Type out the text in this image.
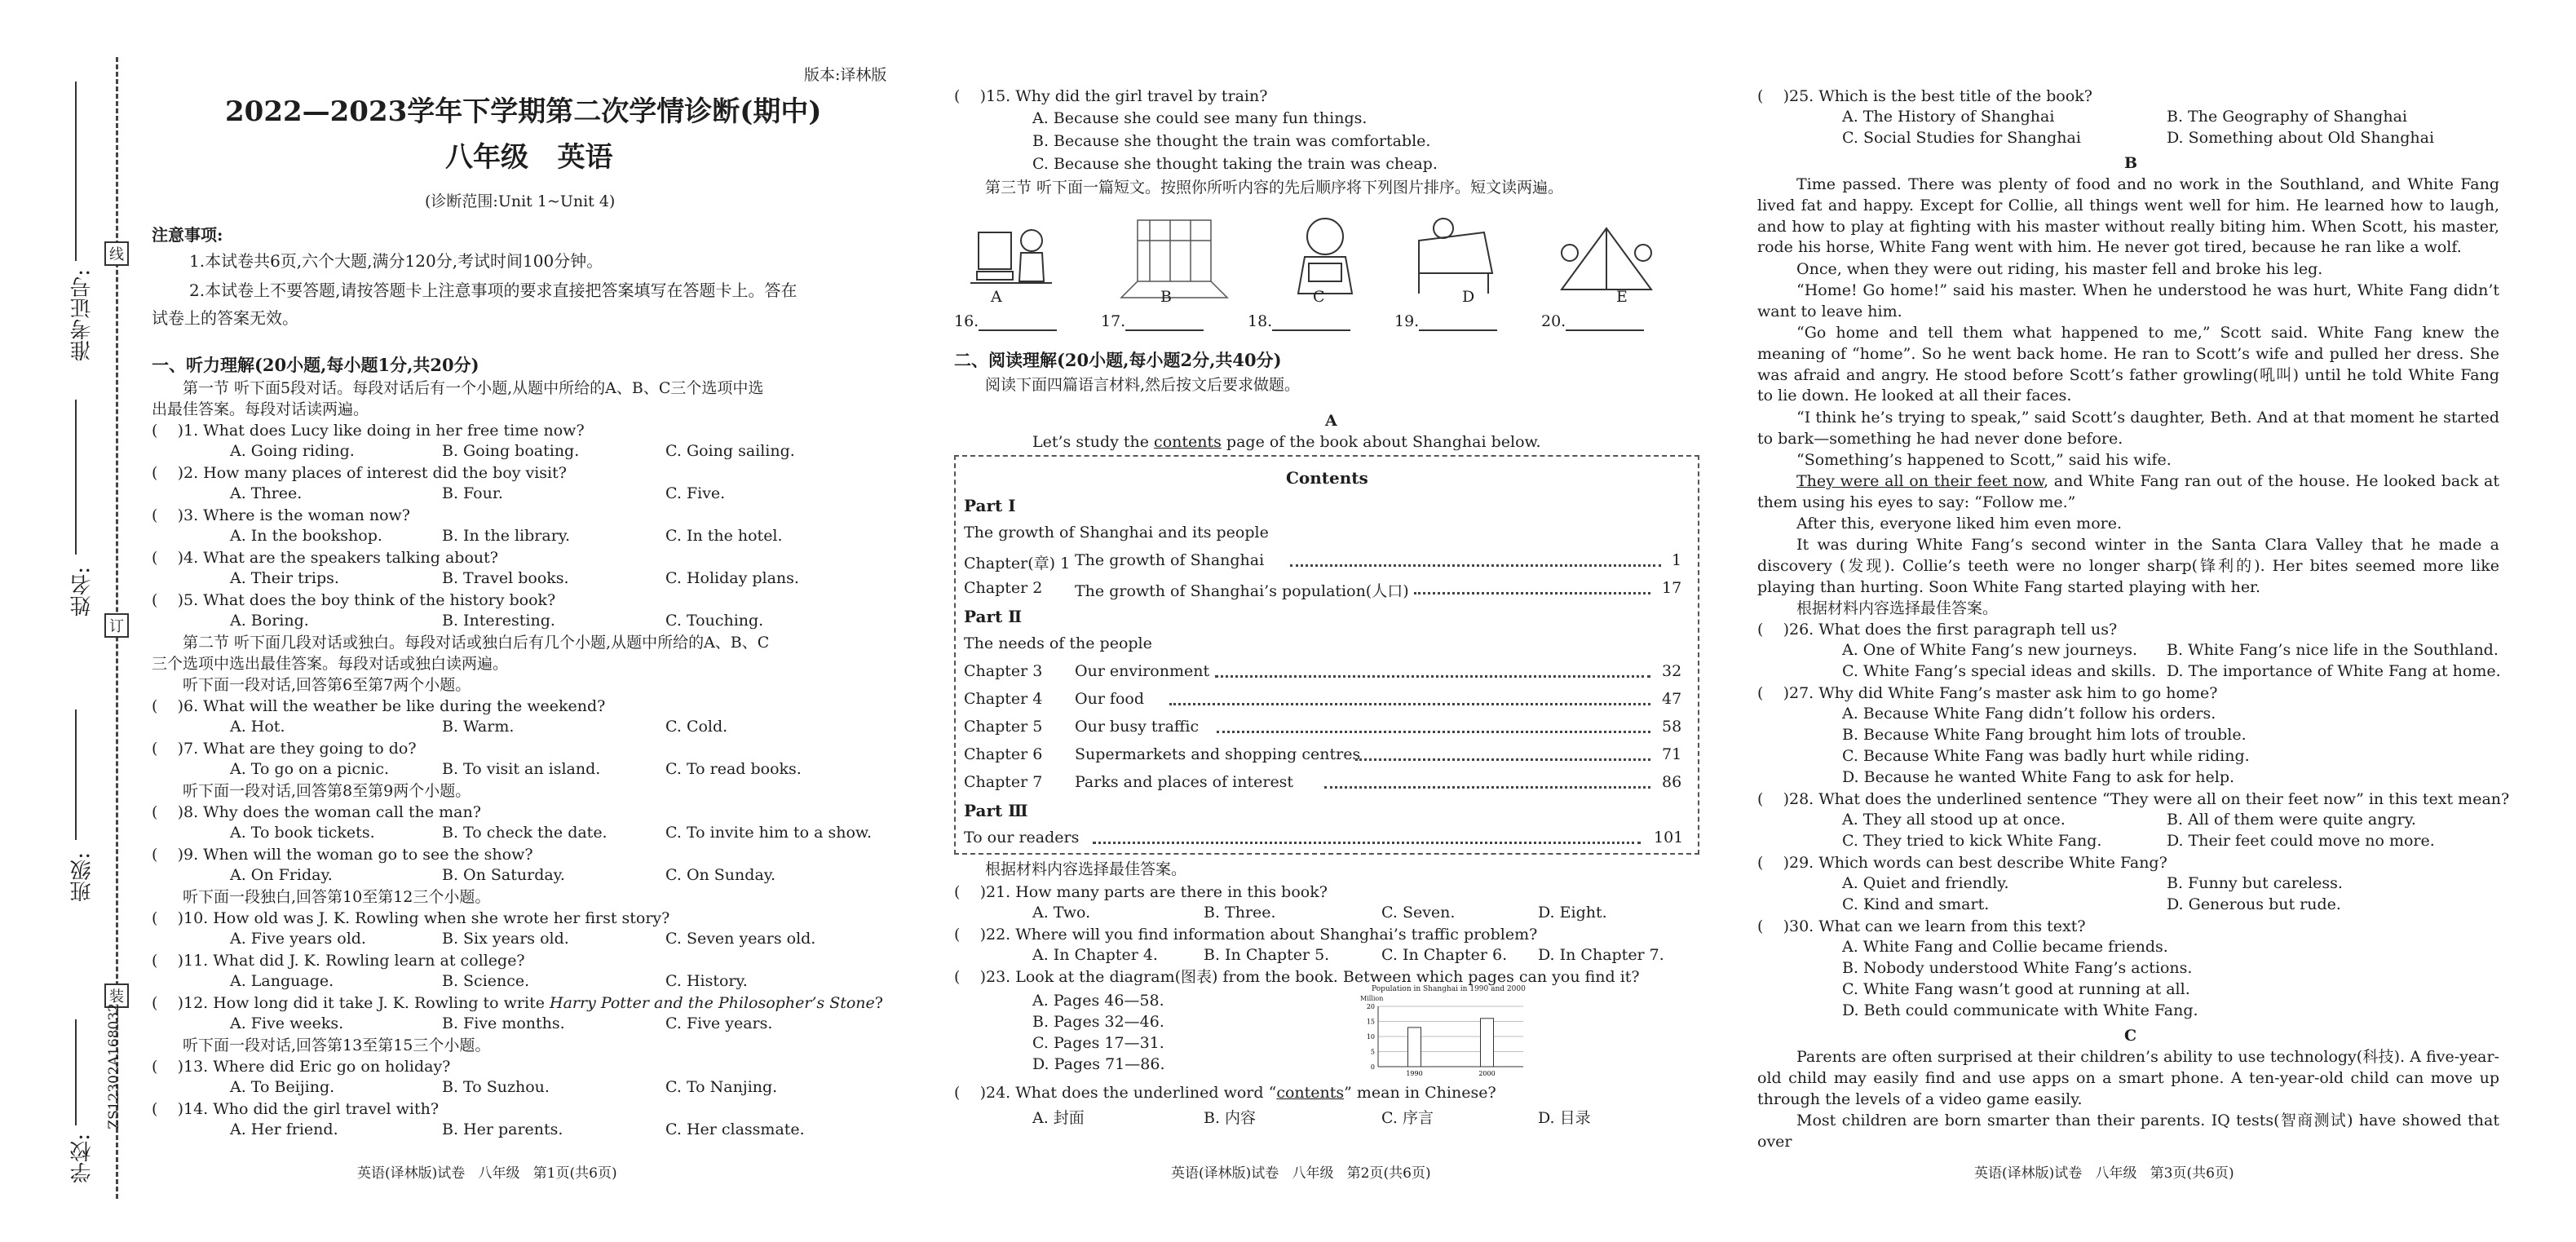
线
订
装
准考证号:
姓名:
班级:
学校:
ZS12302A168032
版本:译林版
2022—2023学年下学期第二次学情诊断(期中)
八年级   英语
(诊断范围:Unit 1~Unit 4)
注意事项:
1.本试卷共6页,六个大题,满分120分,考试时间100分钟。
2.本试卷上不要答题,请按答题卡上注意事项的要求直接把答案填写在答题卡上。答在
试卷上的答案无效。
一、听力理解(20小题,每小题1分,共20分)
第一节 听下面5段对话。每段对话后有一个小题,从题中所给的A、B、C三个选项中选
出最佳答案。每段对话读两遍。
(    )1. What does Lucy like doing in her free time now?
A. Going riding.	B. Going boating.	C. Going sailing.
(    )2. How many places of interest did the boy visit?
A. Three.	B. Four.	C. Five.
(    )3. Where is the woman now?
A. In the bookshop.	B. In the library.	C. In the hotel.
(    )4. What are the speakers talking about?
A. Their trips.	B. Travel books.	C. Holiday plans.
(    )5. What does the boy think of the history book?
A. Boring.	B. Interesting.	C. Touching.
第二节 听下面几段对话或独白。每段对话或独白后有几个小题,从题中所给的A、B、C
三个选项中选出最佳答案。每段对话或独白读两遍。
听下面一段对话,回答第6至第7两个小题。
(    )6. What will the weather be like during the weekend?
A. Hot.	B. Warm.	C. Cold.
(    )7. What are they going to do?
A. To go on a picnic.	B. To visit an island.	C. To read books.
听下面一段对话,回答第8至第9两个小题。
(    )8. Why does the woman call the man?
A. To book tickets.	B. To check the date.	C. To invite him to a show.
(    )9. When will the woman go to see the show?
A. On Friday.	B. On Saturday.	C. On Sunday.
听下面一段独白,回答第10至第12三个小题。
(    )10. How old was J. K. Rowling when she wrote her first story?
A. Five years old.	B. Six years old.	C. Seven years old.
(    )11. What did J. K. Rowling learn at college?
A. Language.	B. Science.	C. History.
(    )12. How long did it take J. K. Rowling to write Harry Potter and the Philosopher’s Stone?
A. Five weeks.	B. Five months.	C. Five years.
听下面一段对话,回答第13至第15三个小题。
(    )13. Where did Eric go on holiday?
A. To Beijing.	B. To Suzhou.	C. To Nanjing.
(    )14. Who did the girl travel with?
A. Her friend.	B. Her parents.	C. Her classmate.
英语(译林版)试卷   八年级   第1页(共6页)
(    )15. Why did the girl travel by train?
A. Because she could see many fun things.
B. Because she thought the train was comfortable.
C. Because she thought taking the train was cheap.
第三节 听下面一篇短文。按照你所听内容的先后顺序将下列图片排序。短文读两遍。
A	B	C	D	E
16.	17.	18.	19.	20.
二、阅读理解(20小题,每小题2分,共40分)
阅读下面四篇语言材料,然后按文后要求做题。
A
Let’s study the contents page of the book about Shanghai below.
Contents
Part Ⅰ
The growth of Shanghai and its people
Chapter(章) 1 The growth of Shanghai	1
Chapter 2 The growth of Shanghai’s population(人口)	17
Part Ⅱ
The needs of the people
Chapter 3 Our environment	32
Chapter 4 Our food	47
Chapter 5 Our busy traffic	58
Chapter 6 Supermarkets and shopping centres	71
Chapter 7 Parks and places of interest	86
Part Ⅲ
To our readers	101
根据材料内容选择最佳答案。
(    )21. How many parts are there in this book?
A. Two.	B. Three.	C. Seven.	D. Eight.
(    )22. Where will you find information about Shanghai’s traffic problem?
A. In Chapter 4.	B. In Chapter 5.	C. In Chapter 6. D. In Chapter 7.
(    )23. Look at the diagram(图表) from the book. Between which pages can you find it?
A. Pages 46—58.
B. Pages 32—46.
C. Pages 17—31.
D. Pages 71—86.
Population in Shanghai in 1990 and 2000
Million
20
15
10
5
0
1990	2000
(    )24. What does the underlined word “contents” mean in Chinese?
A. 封面	B. 内容	C. 序言	D. 目录
英语(译林版)试卷   八年级   第2页(共6页)
(    )25. Which is the best title of the book?
A. The History of Shanghai	B. The Geography of Shanghai
C. Social Studies for Shanghai	D. Something about Old Shanghai
B
Time passed. There was plenty of food and no work in the Southland, and White Fang lived fat and happy. Except for Collie, all things went well for him. He learned how to laugh, and how to play at fighting with his master without really biting him. When Scott, his master, rode his horse, White Fang went with him. He never got tired, because he ran like a wolf.
Once, when they were out riding, his master fell and broke his leg.
“Home! Go home!” said his master. When he understood he was hurt, White Fang didn’t want to leave him.
“Go home and tell them what happened to me,” Scott said. White Fang knew the meaning of “home”. So he went back home. He ran to Scott’s wife and pulled her dress. She was afraid and angry. He stood before Scott’s father growling(吼叫) until he told White Fang to lie down. He looked at all their faces.
“I think he’s trying to speak,” said Scott’s daughter, Beth. And at that moment he started to bark—something he had never done before.
“Something’s happened to Scott,” said his wife.
They were all on their feet now, and White Fang ran out of the house. He looked back at them using his eyes to say: “Follow me.”
After this, everyone liked him even more.
It was during White Fang’s second winter in the Santa Clara Valley that he made a discovery (发现). Collie’s teeth were no longer sharp(锋利的). Her bites seemed more like playing than hurting. Soon White Fang started playing with her.
根据材料内容选择最佳答案。
(    )26. What does the first paragraph tell us?
A. One of White Fang’s new journeys. B. White Fang’s nice life in the Southland.
C. White Fang’s special ideas and skills. D. The importance of White Fang at home.
(    )27. Why did White Fang’s master ask him to go home?
A. Because White Fang didn’t follow his orders.
B. Because White Fang brought him lots of trouble.
C. Because White Fang was badly hurt while riding.
D. Because he wanted White Fang to ask for help.
(    )28. What does the underlined sentence “They were all on their feet now” in this text mean?
A. They all stood up at once.	B. All of them were quite angry.
C. They tried to kick White Fang.	D. Their feet could move no more.
(    )29. Which words can best describe White Fang?
A. Quiet and friendly.	B. Funny but careless.
C. Kind and smart.	D. Generous but rude.
(    )30. What can we learn from this text?
A. White Fang and Collie became friends.
B. Nobody understood White Fang’s actions.
C. White Fang wasn’t good at running at all.
D. Beth could communicate with White Fang.
C
Parents are often surprised at their children’s ability to use technology(科技). A five-year-old child may easily find and use apps on a smart phone. A ten-year-old child can move up through the levels of a video game easily.
Most children are born smarter than their parents. IQ tests(智商测试) have showed that over
英语(译林版)试卷   八年级   第3页(共6页)
